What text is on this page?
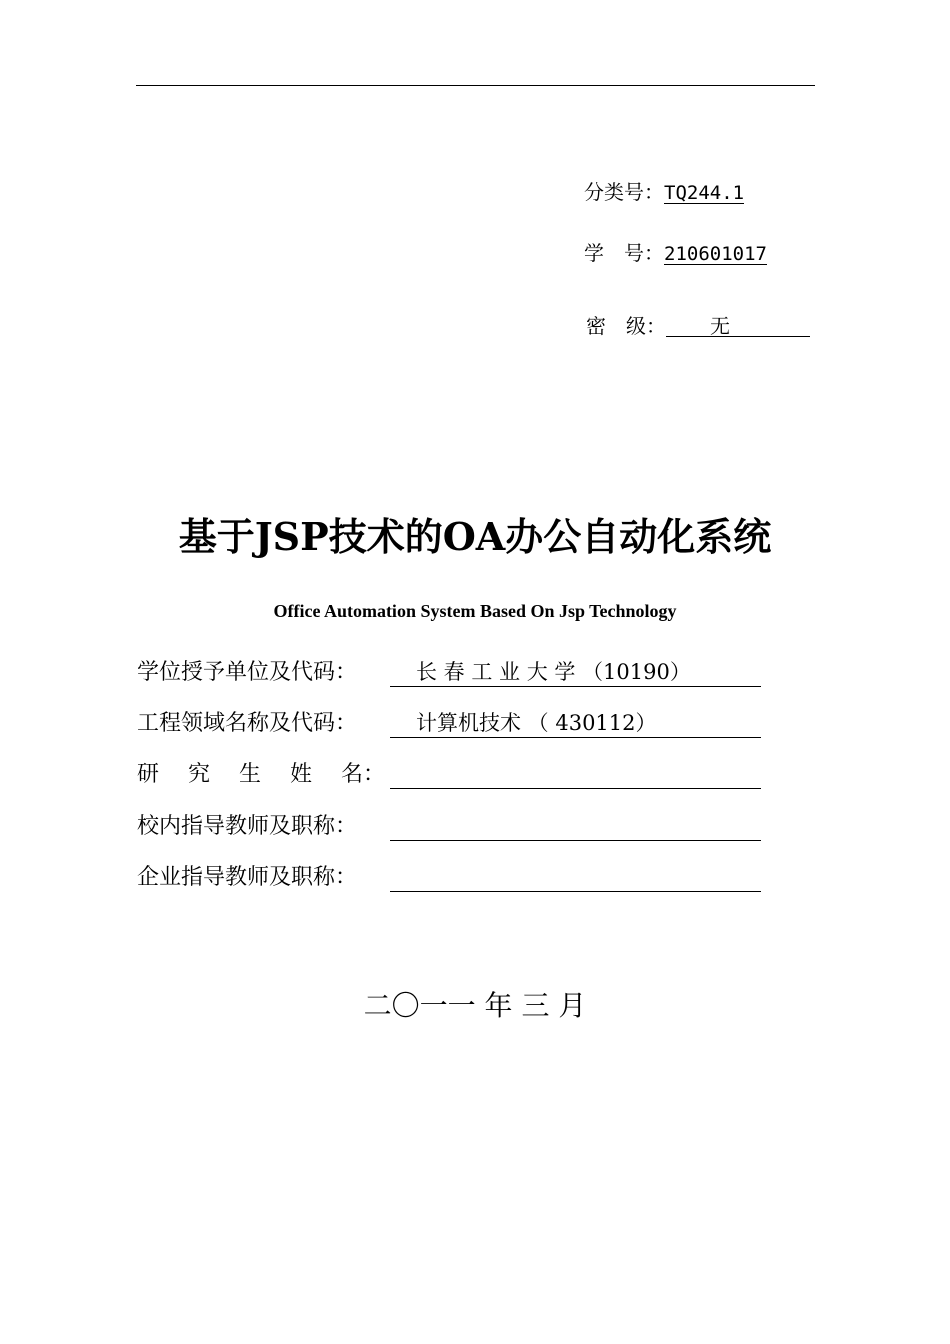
分类号：TQ244.1
学　号：210601017
密　级： 无
基于JSP技术的OA办公自动化系统
Office Automation System Based On Jsp Technology
学位授予单位及代码：	长 春 工 业 大 学 （10190）
工程领域名称及代码：	计算机技术 （ 430112）
研 究 生 姓 名：
校内指导教师及职称：
企业指导教师及职称：
二〇一一 年 三 月
